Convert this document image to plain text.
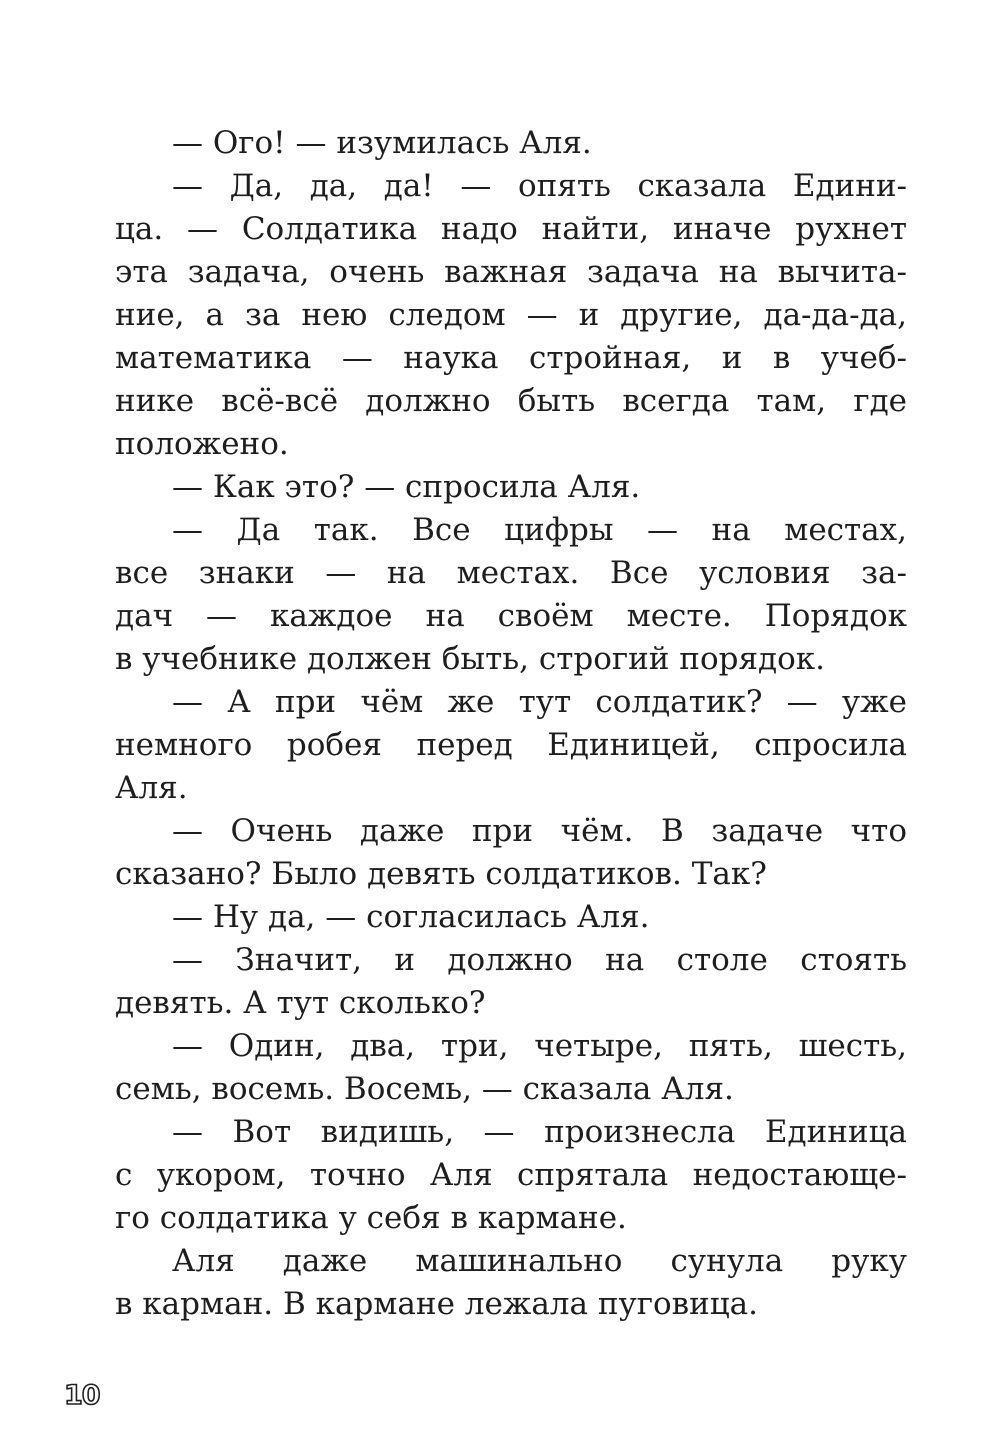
— Ого! — изумилась Аля.
— Да, да, да! — опять сказала Едини-
ца. — Солдатика надо найти, иначе рухнет
эта задача, очень важная задача на вычита-
ние, а за нею следом — и другие, да-да-да,
математика — наука стройная, и в учеб-
нике всё-всё должно быть всегда там, где
положено.
— Как это? — спросила Аля.
— Да так. Все цифры — на местах,
все знаки — на местах. Все условия за-
дач — каждое на своём месте. Порядок
в учебнике должен быть, строгий порядок.
— А при чём же тут солдатик? — уже
немного робея перед Единицей, спросила
Аля.
— Очень даже при чём. В задаче что
сказано? Было девять солдатиков. Так?
— Ну да, — согласилась Аля.
— Значит, и должно на столе стоять
девять. А тут сколько?
— Один, два, три, четыре, пять, шесть,
семь, восемь. Восемь, — сказала Аля.
— Вот видишь, — произнесла Единица
с укором, точно Аля спрятала недостающе-
го солдатика у себя в кармане.
Аля даже машинально сунула руку
в карман. В кармане лежала пуговица.
10
